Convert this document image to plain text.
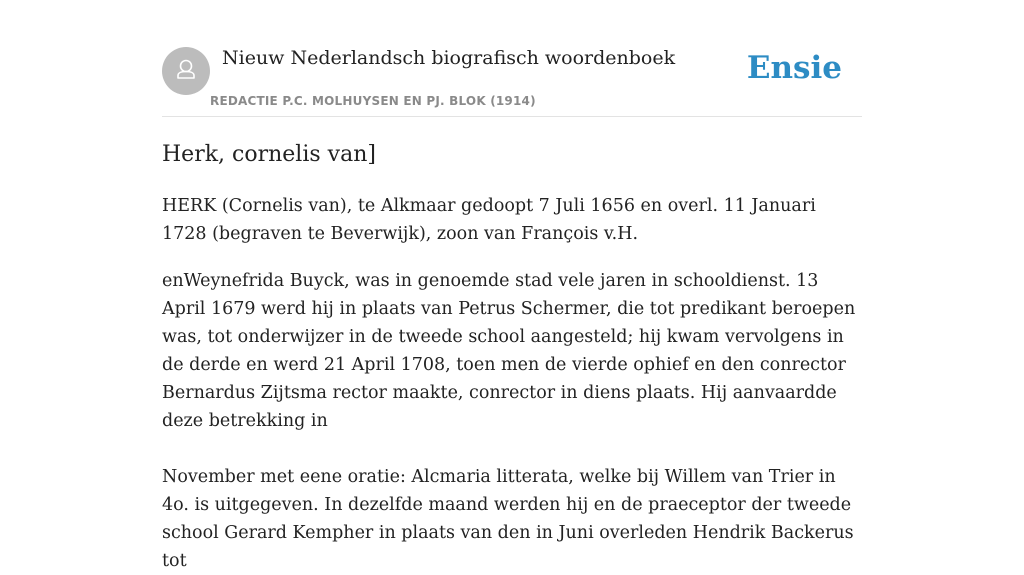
Nieuw Nederlandsch biografisch woordenboek
REDACTIE P.C. MOLHUYSEN EN PJ. BLOK (1914)
Ensie
Herk, cornelis van]

HERK (Cornelis van), te Alkmaar gedoopt 7 Juli 1656 en overl. 11 Januari 1728 (begraven te Beverwijk), zoon van François v.H.

enWeynefrida Buyck, was in genoemde stad vele jaren in schooldienst. 13 April 1679 werd hij in plaats van Petrus Schermer, die tot predikant beroepen was, tot onderwijzer in de tweede school aangesteld; hij kwam vervolgens in de derde en werd 21 April 1708, toen men de vierde ophief en den conrector Bernardus Zijtsma rector maakte, conrector in diens plaats. Hij aanvaardde deze betrekking in

November met eene oratie: Alcmaria litterata, welke bij Willem van Trier in 4o. is uitgegeven. In dezelfde maand werden hij en de praeceptor der tweede school Gerard Kempher in plaats van den in Juni overleden Hendrik Backerus tot
